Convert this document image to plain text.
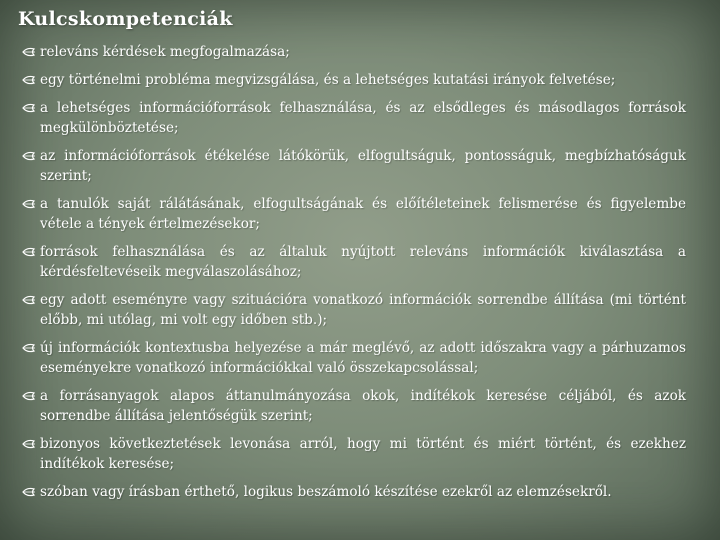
Kulcskompetenciák
releváns kérdések megfogalmazása;
egy történelmi probléma megvizsgálása, és a lehetséges kutatási irányok felvetése;
a lehetséges információforrások felhasználása, és az elsődleges és másodlagos források megkülönböztetése;
az információforrások étékelése látókörük, elfogultságuk, pontosságuk, megbízhatóságuk szerint;
a tanulók saját rálátásának, elfogultságának és előítéleteinek felismerése és figyelembe vétele a tények értelmezésekor;
források felhasználása és az általuk nyújtott releváns információk kiválasztása a kérdésfeltevéseik megválaszolásához;
egy adott eseményre vagy szituációra vonatkozó információk sorrendbe állítása (mi történt előbb, mi utólag, mi volt egy időben stb.);
új információk kontextusba helyezése a már meglévő, az adott időszakra vagy a párhuzamos eseményekre vonatkozó információkkal való összekapcsolással;
a forrásanyagok alapos áttanulmányozása okok, indítékok keresése céljából, és azok sorrendbe állítása jelentőségük szerint;
bizonyos következtetések levonása arról, hogy mi történt és miért történt, és ezekhez indítékok keresése;
szóban vagy írásban érthető, logikus beszámoló készítése ezekről az elemzésekről.
